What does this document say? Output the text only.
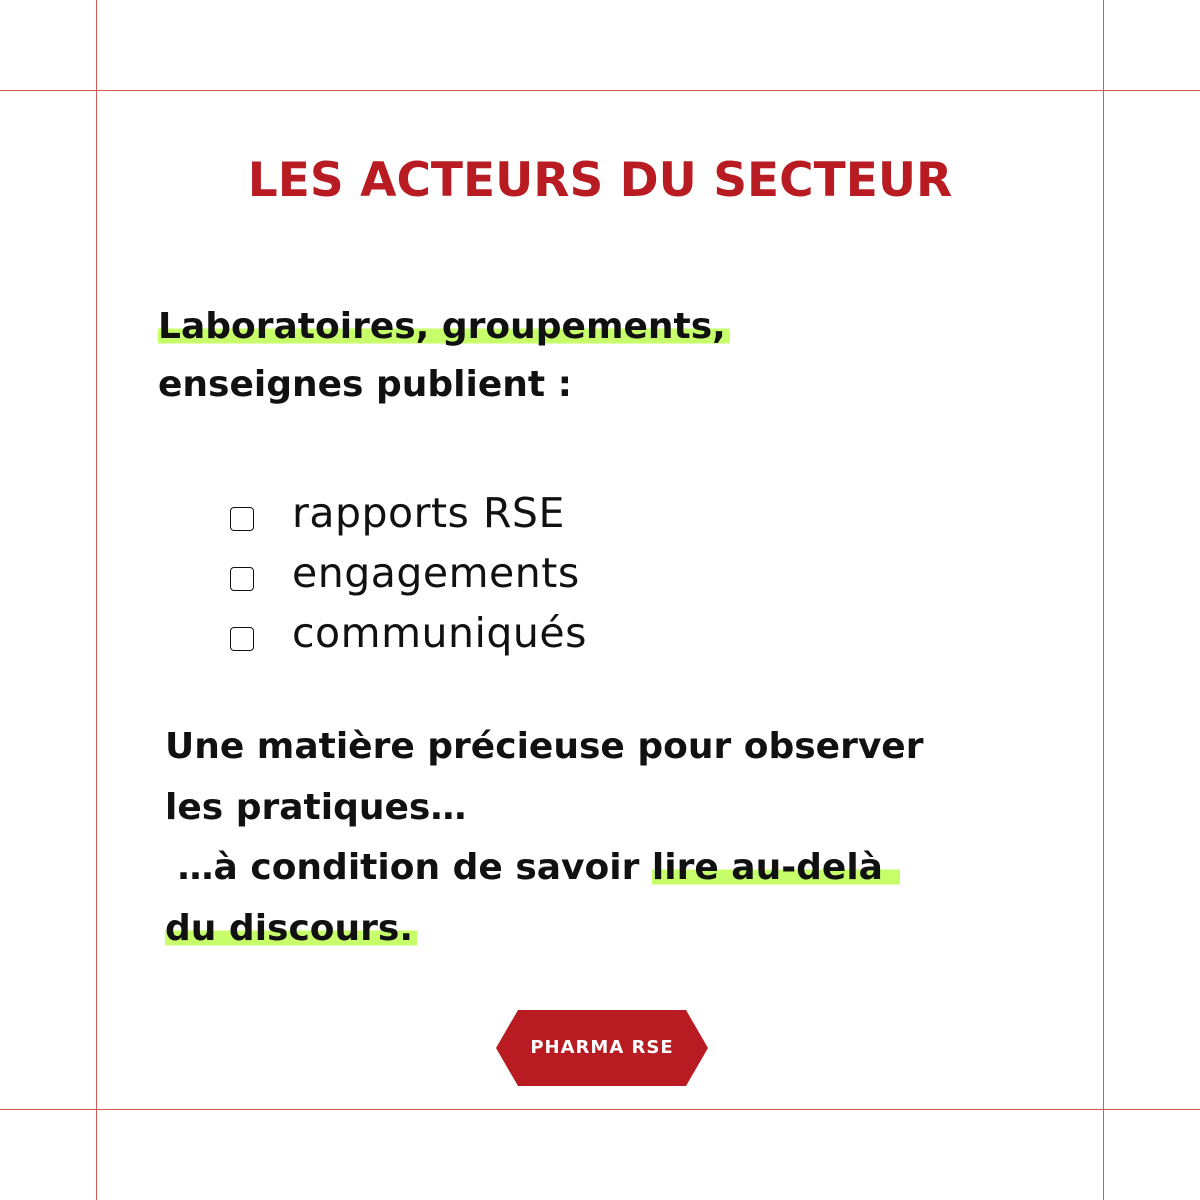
LES ACTEURS DU SECTEUR

Laboratoires, groupements,
enseignes publient :

rapports RSE
engagements
communiqués

Une matière précieuse pour observer
les pratiques…
…à condition de savoir lire au-delà
du discours.

PHARMA RSE
